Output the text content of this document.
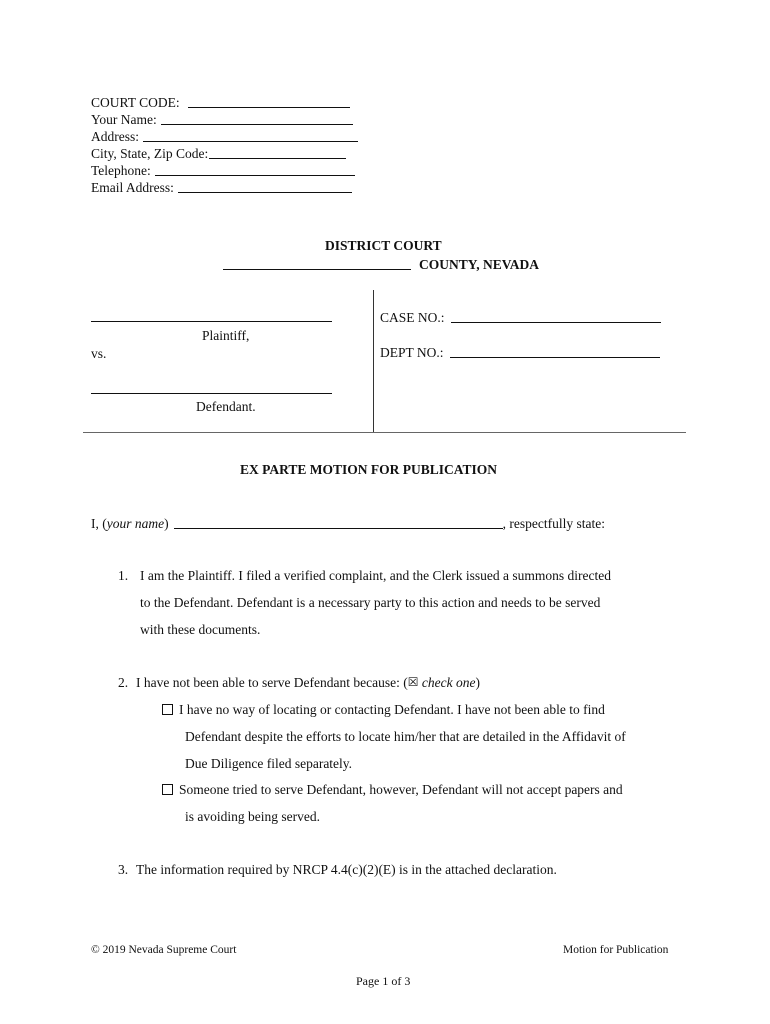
COURT CODE:
Your Name:
Address:
City, State, Zip Code:
Telephone:
Email Address:
DISTRICT COURT
COUNTY, NEVADA
Plaintiff,
vs.
Defendant.
CASE NO.:
DEPT NO.:
EX PARTE MOTION FOR PUBLICATION
I, ( your name )	, respectfully state:
1. I am the Plaintiff. I filed a verified complaint, and the Clerk issued a summons directed
to the Defendant. Defendant is a necessary party to this action and needs to be served
with these documents.
2. I have not been able to serve Defendant because: ( ☒ check one )
I have no way of locating or contacting Defendant. I have not been able to find
Defendant despite the efforts to locate him/her that are detailed in the Affidavit of
Due Diligence filed separately.
Someone tried to serve Defendant, however, Defendant will not accept papers and
is avoiding being served.
3. The information required by NRCP 4.4(c)(2)(E) is in the attached declaration.
© 2019 Nevada Supreme Court	Motion for Publication
Page 1 of 3
